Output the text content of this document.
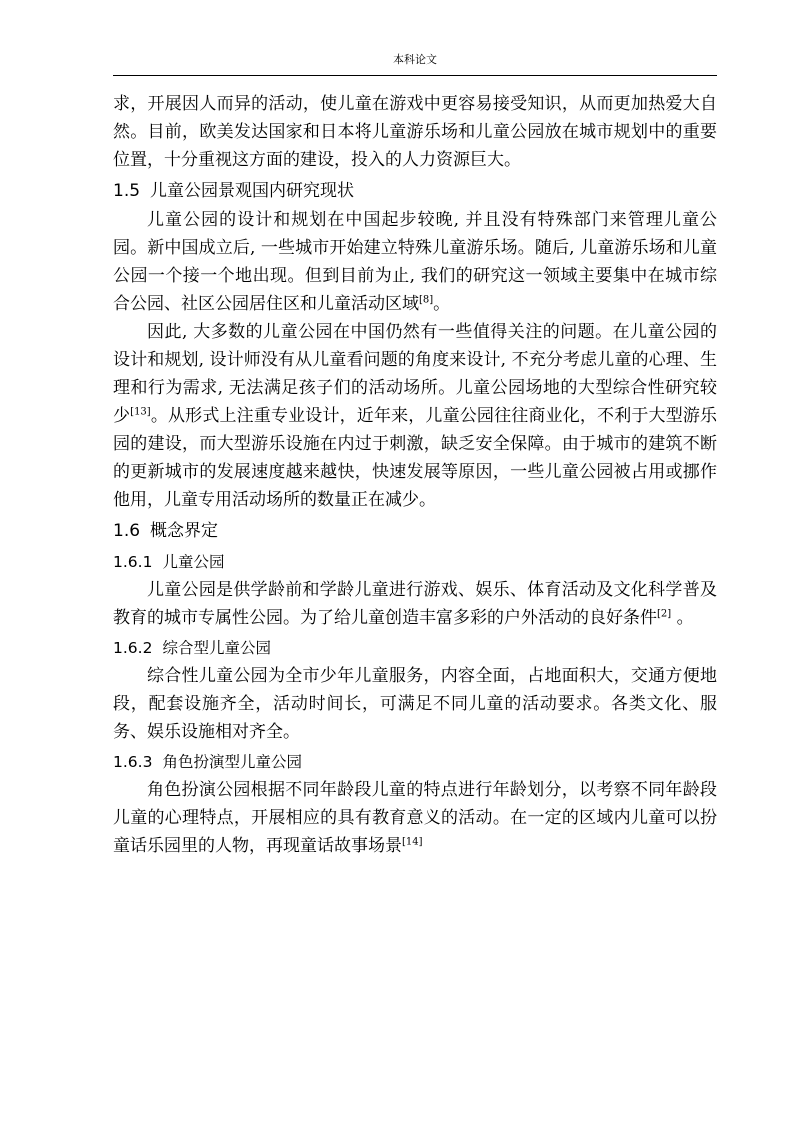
本科论文

求，开展因人而异的活动，使儿童在游戏中更容易接受知识，从而更加热爱大自然。目前，欧美发达国家和日本将儿童游乐场和儿童公园放在城市规划中的重要位置，十分重视这方面的建设，投入的人力资源巨大。

1.5 儿童公园景观国内研究现状

儿童公园的设计和规划在中国起步较晚, 并且没有特殊部门来管理儿童公园。新中国成立后, 一些城市开始建立特殊儿童游乐场。随后, 儿童游乐场和儿童公园一个接一个地出现。但到目前为止, 我们的研究这一领域主要集中在城市综合公园、社区公园居住区和儿童活动区域[8]。

因此, 大多数的儿童公园在中国仍然有一些值得关注的问题。在儿童公园的设计和规划, 设计师没有从儿童看问题的角度来设计, 不充分考虑儿童的心理、生理和行为需求, 无法满足孩子们的活动场所。儿童公园场地的大型综合性研究较少[13]。从形式上注重专业设计，近年来，儿童公园往往商业化，不利于大型游乐园的建设，而大型游乐设施在内过于刺激，缺乏安全保障。由于城市的建筑不断的更新城市的发展速度越来越快，快速发展等原因，一些儿童公园被占用或挪作他用，儿童专用活动场所的数量正在减少。

1.6 概念界定
1.6.1 儿童公园

儿童公园是供学龄前和学龄儿童进行游戏、娱乐、体育活动及文化科学普及教育的城市专属性公园。为了给儿童创造丰富多彩的户外活动的良好条件[2] 。

1.6.2 综合型儿童公园

综合性儿童公园为全市少年儿童服务，内容全面，占地面积大，交通方便地段，配套设施齐全，活动时间长，可满足不同儿童的活动要求。各类文化、服务、娱乐设施相对齐全。

1.6.3 角色扮演型儿童公园

角色扮演公园根据不同年龄段儿童的特点进行年龄划分，以考察不同年龄段儿童的心理特点，开展相应的具有教育意义的活动。在一定的区域内儿童可以扮童话乐园里的人物，再现童话故事场景[14]
